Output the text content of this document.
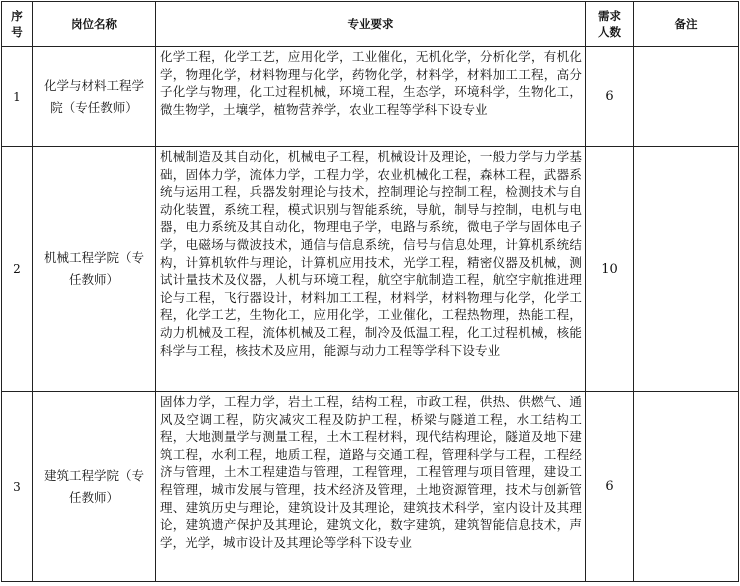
序号	岗位名称	专业要求	需求人数	备注
1	化学与材料工程学院（专任教师）	化学工程，化学工艺，应用化学，工业催化，无机化学，分析化学，有机化学，物理化学，材料物理与化学，药物化学，材料学，材料加工工程，高分子化学与物理，化工过程机械，环境工程，生态学，环境科学，生物化工，微生物学，土壤学，植物营养学，农业工程等学科下设专业	6	
2	机械工程学院（专任教师）	机械制造及其自动化，机械电子工程，机械设计及理论，一般力学与力学基础，固体力学，流体力学，工程力学，农业机械化工程，森林工程，武器系统与运用工程，兵器发射理论与技术，控制理论与控制工程，检测技术与自动化装置，系统工程，模式识别与智能系统，导航，制导与控制，电机与电器，电力系统及其自动化，物理电子学，电路与系统，微电子学与固体电子学，电磁场与微波技术，通信与信息系统，信号与信息处理，计算机系统结构，计算机软件与理论，计算机应用技术，光学工程，精密仪器及机械，测试计量技术及仪器，人机与环境工程，航空宇航制造工程，航空宇航推进理论与工程，飞行器设计，材料加工工程，材料学，材料物理与化学，化学工程，化学工艺，生物化工，应用化学，工业催化，工程热物理，热能工程，动力机械及工程，流体机械及工程，制冷及低温工程，化工过程机械，核能科学与工程，核技术及应用，能源与动力工程等学科下设专业	10	
3	建筑工程学院（专任教师）	固体力学，工程力学，岩土工程，结构工程，市政工程，供热、供燃气、通风及空调工程，防灾减灾工程及防护工程，桥梁与隧道工程，水工结构工程，大地测量学与测量工程，土木工程材料，现代结构理论，隧道及地下建筑工程，水利工程，地质工程，道路与交通工程，管理科学与工程，工程经济与管理，土木工程建造与管理，工程管理，工程管理与项目管理，建设工程管理，城市发展与管理，技术经济及管理，土地资源管理，技术与创新管理、建筑历史与理论，建筑设计及其理论，建筑技术科学，室内设计及其理论，建筑遗产保护及其理论，建筑文化，数字建筑，建筑智能信息技术，声学，光学，城市设计及其理论等学科下设专业	6	
